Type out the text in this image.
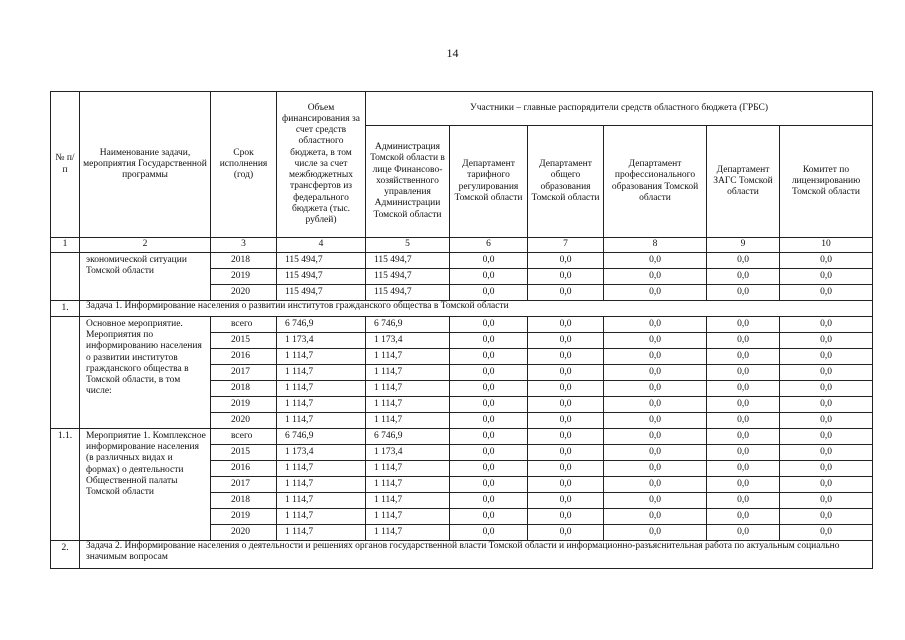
14
№ п/п	Наименование задачи, мероприятия Государственной программы	Срок исполнения (год)	Объем финансирования за счет средств областного бюджета, в том числе за счет межбюджетных трансфертов из федерального бюджета (тыс. рублей)	Участники – главные распорядители средств областного бюджета (ГРБС)					
				Администрация Томской области в лице Финансово-хозяйственного управления Администрации Томской области	Департамент тарифного регулирования Томской области	Департамент общего образования Томской области	Департамент профессионального образования Томской области	Департамент ЗАГС Томской области	Комитет по лицензированию Томской области
1	2	3	4	5	6	7	8	9	10
	экономической ситуации Томской области	2018	115 494,7	115 494,7	0,0	0,0	0,0	0,0	0,0
		2019	115 494,7	115 494,7	0,0	0,0	0,0	0,0	0,0
		2020	115 494,7	115 494,7	0,0	0,0	0,0	0,0	0,0
1.	Задача 1. Информирование населения о развитии институтов гражданского общества в Томской области								
	Основное мероприятие. Мероприятия по информированию населения о развитии институтов гражданского общества в Томской области, в том числе:	всего	6 746,9	6 746,9	0,0	0,0	0,0	0,0	0,0
		2015	1 173,4	1 173,4	0,0	0,0	0,0	0,0	0,0
		2016	1 114,7	1 114,7	0,0	0,0	0,0	0,0	0,0
		2017	1 114,7	1 114,7	0,0	0,0	0,0	0,0	0,0
		2018	1 114,7	1 114,7	0,0	0,0	0,0	0,0	0,0
		2019	1 114,7	1 114,7	0,0	0,0	0,0	0,0	0,0
		2020	1 114,7	1 114,7	0,0	0,0	0,0	0,0	0,0
1.1.	Мероприятие 1. Комплексное информирование населения (в различных видах и формах) о деятельности Общественной палаты Томской области	всего	6 746,9	6 746,9	0,0	0,0	0,0	0,0	0,0
		2015	1 173,4	1 173,4	0,0	0,0	0,0	0,0	0,0
		2016	1 114,7	1 114,7	0,0	0,0	0,0	0,0	0,0
		2017	1 114,7	1 114,7	0,0	0,0	0,0	0,0	0,0
		2018	1 114,7	1 114,7	0,0	0,0	0,0	0,0	0,0
		2019	1 114,7	1 114,7	0,0	0,0	0,0	0,0	0,0
		2020	1 114,7	1 114,7	0,0	0,0	0,0	0,0	0,0
2.	Задача 2. Информирование населения о деятельности и решениях органов государственной власти Томской области и информационно-разъяснительная работа по актуальным социально значимым вопросам								
